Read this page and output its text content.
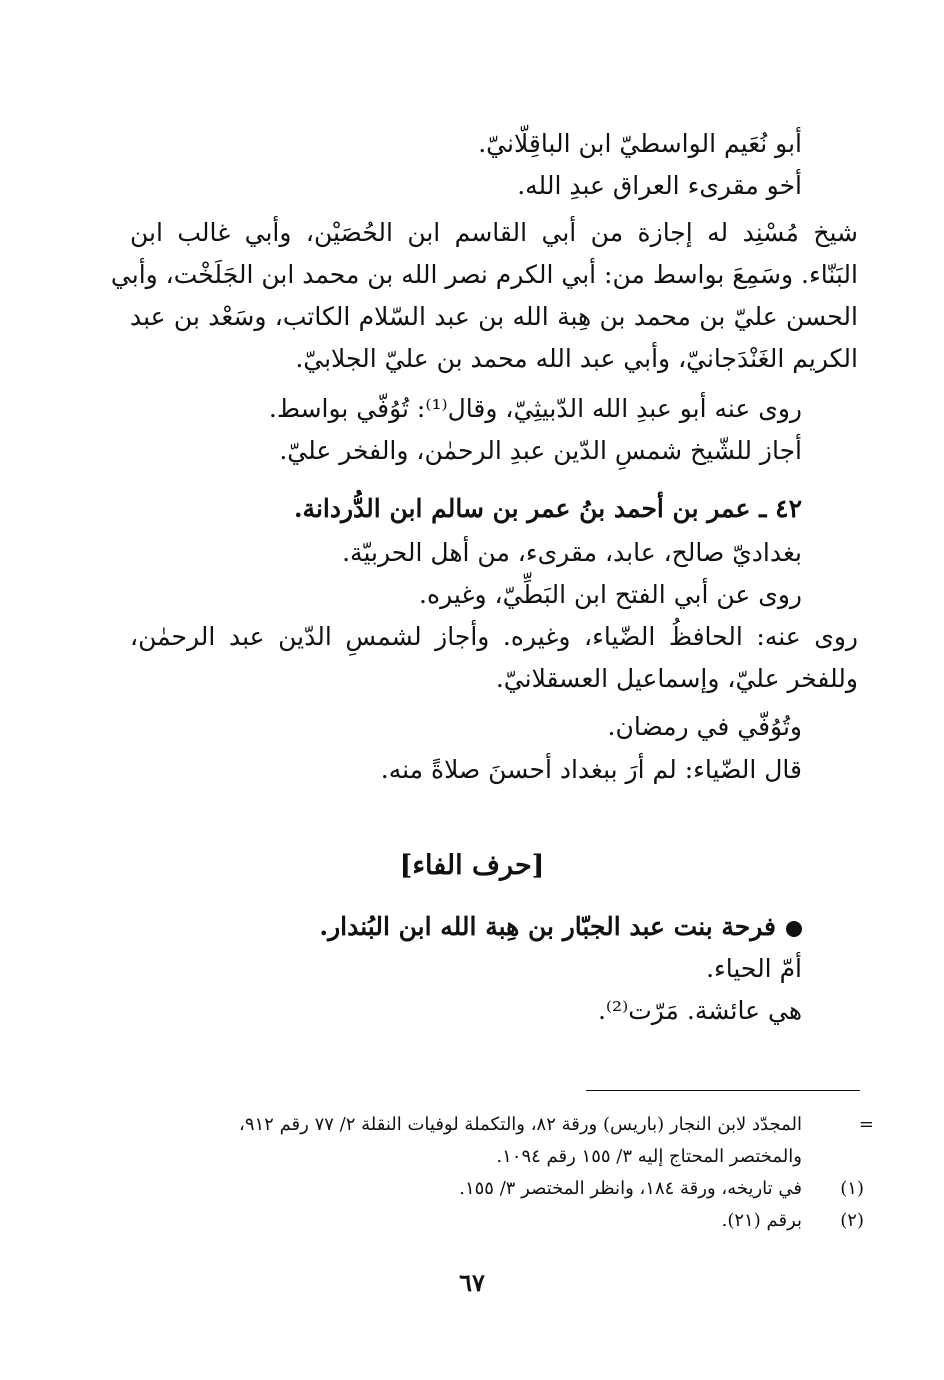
أبو نُعَيم الواسطيّ ابن الباقِلّانيّ.
أخو مقرىء العراق عبدِ الله.
شيخ مُسْنِد له إجازة من أبي القاسم ابن الحُصَيْن، وأبي غالب ابن
البَنّاء. وسَمِعَ بواسط من: أبي الكرم نصر الله بن محمد ابن الجَلَخْت، وأبي
الحسن عليّ بن محمد بن هِبة الله بن عبد السّلام الكاتب، وسَعْد بن عبد
الكريم الغَنْدَجانيّ، وأبي عبد الله محمد بن عليّ الجلابيّ.
روى عنه أبو عبدِ الله الدّبيثِيّ، وقال⁽¹⁾: تُوُفّي بواسط.
أجاز للشّيخ شمسِ الدّين عبدِ الرحمٰن، والفخر عليّ.
٤٢ ـ عمر بن أحمد بنُ عمر بن سالم ابن الدُّردانة.
بغداديّ صالح، عابد، مقرىء، من أهل الحربيّة.
روى عن أبي الفتح ابن البَطِّيّ، وغيره.
روى عنه: الحافظُ الضّياء، وغيره. وأجاز لشمسِ الدّين عبد الرحمٰن،
وللفخر عليّ، وإسماعيل العسقلانيّ.
وتُوُفّي في رمضان.
قال الضّياء: لم أرَ ببغداد أحسنَ صلاةً منه.
[حرف الفاء]
فرحة بنت عبد الجبّار بن هِبة الله ابن البُندار.
أمّ الحياء.
هي عائشة. مَرّت⁽²⁾.
=
المجدّد لابن النجار (باريس) ورقة ٨٢، والتكملة لوفيات النقلة ٢/ ٧٧ رقم ٩١٢،
والمختصر المحتاج إليه ٣/ ١٥٥ رقم ١٠٩٤.
(١)
في تاريخه، ورقة ١٨٤، وانظر المختصر ٣/ ١٥٥.
(٢)
برقم (٢١).
٦٧
